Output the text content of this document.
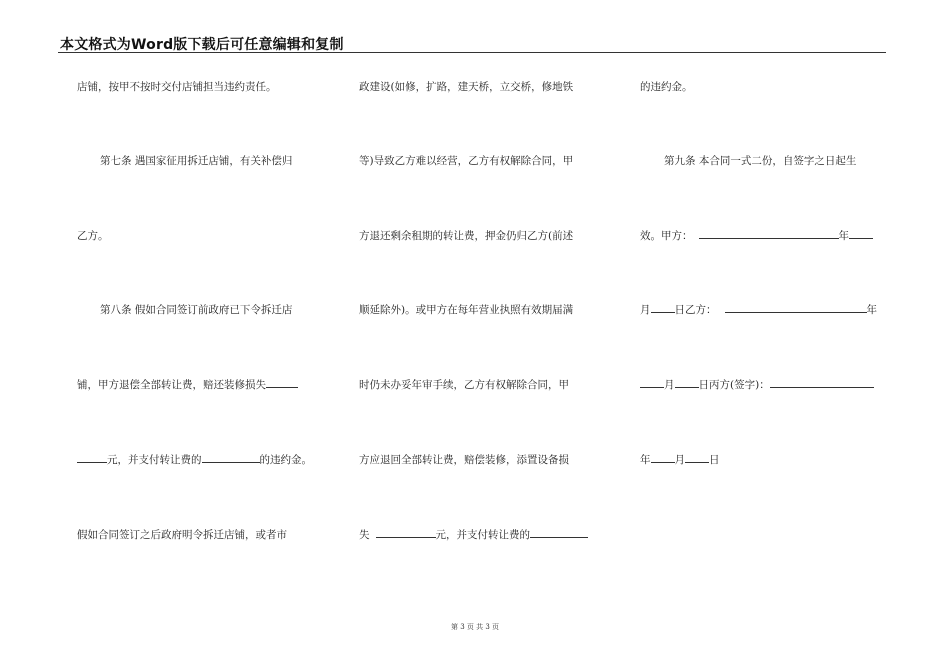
本文格式为Word版下载后可任意编辑和复制
店铺，按甲不按时交付店铺担当违约责任。
第七条 遇国家征用拆迁店铺，有关补偿归
乙方。
第八条 假如合同签订前政府已下令拆迁店
铺，甲方退偿全部转让费，赔还装修损失
元，并支付转让费的	的违约金。
假如合同签订之后政府明令拆迁店铺，或者市
政建设(如修，扩路，建天桥，立交桥，修地铁
等)导致乙方难以经营，乙方有权解除合同，甲
方退还剩余租期的转让费，押金仍归乙方(前述
顺延除外)。或甲方在每年营业执照有效期届满
时仍未办妥年审手续，乙方有权解除合同，甲
方应退回全部转让费，赔偿装修，添置设备损
失	元，并支付转让费的
的违约金。
第九条 本合同一式二份，自签字之日起生
效。甲方：	年
月 日乙方：	年
月 日丙方(签字)：
年 月 日
第 3 页 共 3 页
